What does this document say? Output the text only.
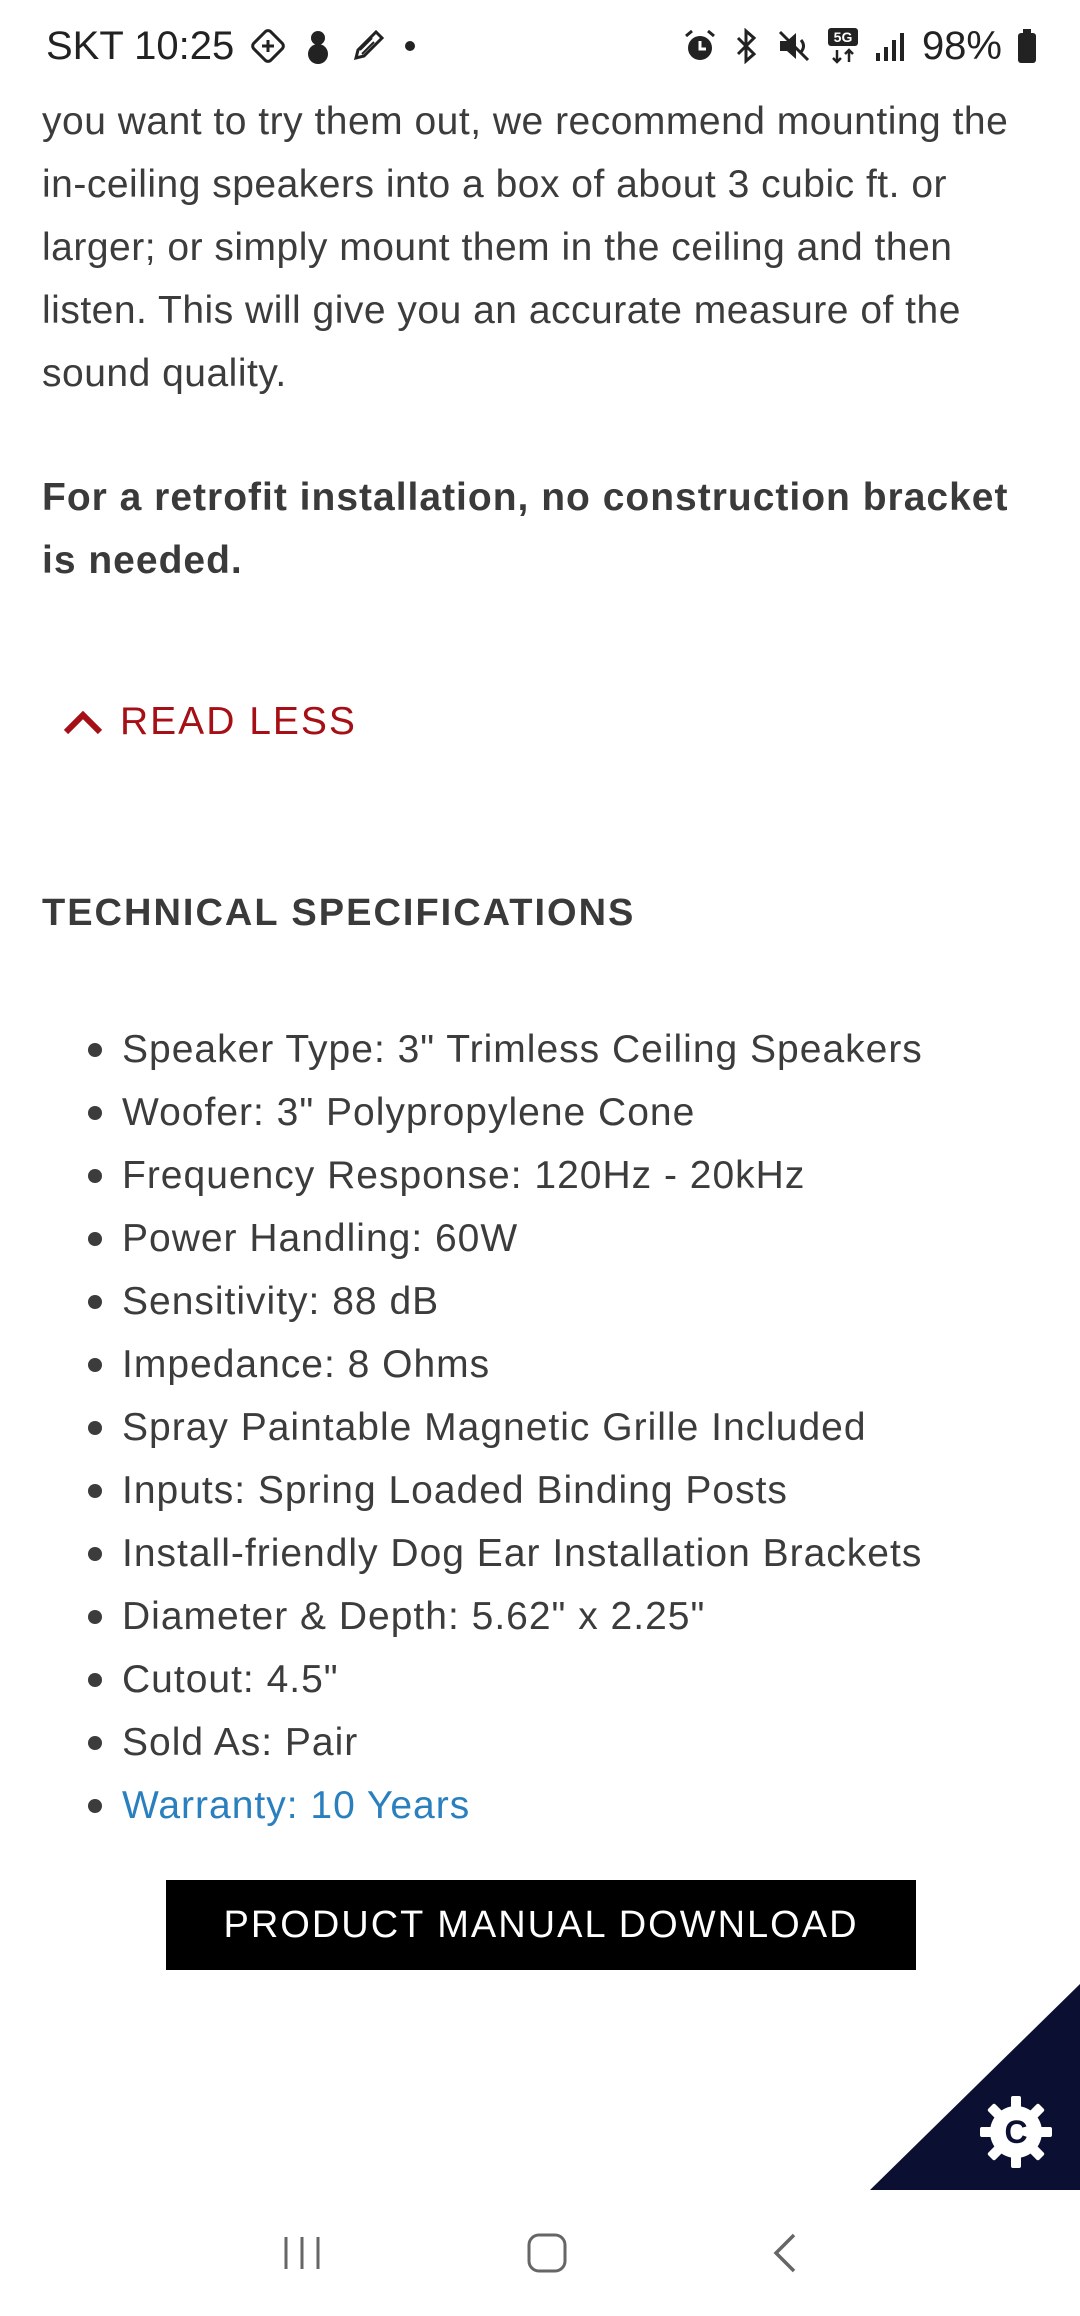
SKT 10:25	5G 98%

you want to try them out, we recommend mounting the in-ceiling speakers into a box of about 3 cubic ft. or larger; or simply mount them in the ceiling and then listen. This will give you an accurate measure of the sound quality.

For a retrofit installation, no construction bracket is needed.

READ LESS
TECHNICAL SPECIFICATIONS
Speaker Type: 3" Trimless Ceiling Speakers
Woofer: 3" Polypropylene Cone
Frequency Response: 120Hz - 20kHz
Power Handling: 60W
Sensitivity: 88 dB
Impedance: 8 Ohms
Spray Paintable Magnetic Grille Included
Inputs: Spring Loaded Binding Posts
Install-friendly Dog Ear Installation Brackets
Diameter & Depth: 5.62" x 2.25"
Cutout: 4.5"
Sold As: Pair
Warranty: 10 Years
PRODUCT MANUAL DOWNLOAD
C
